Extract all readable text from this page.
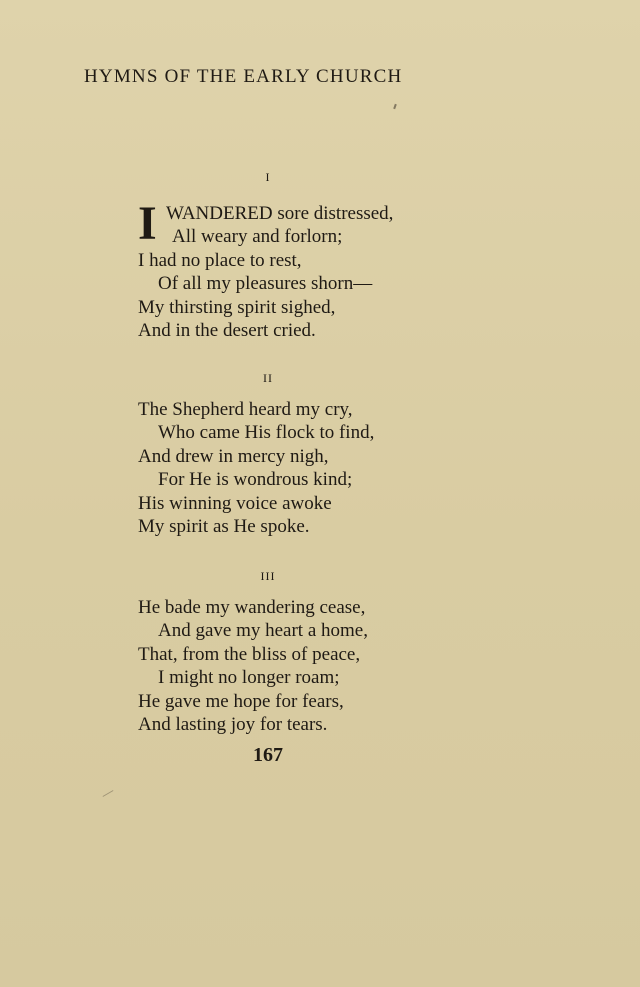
HYMNS OF THE EARLY CHURCH
I
I WANDERED sore distressed,
All weary and forlorn;
I had no place to rest,
Of all my pleasures shorn—
My thirsting spirit sighed,
And in the desert cried.
II
The Shepherd heard my cry,
Who came His flock to find,
And drew in mercy nigh,
For He is wondrous kind;
His winning voice awoke
My spirit as He spoke.
III
He bade my wandering cease,
And gave my heart a home,
That, from the bliss of peace,
I might no longer roam;
He gave me hope for fears,
And lasting joy for tears.
167
